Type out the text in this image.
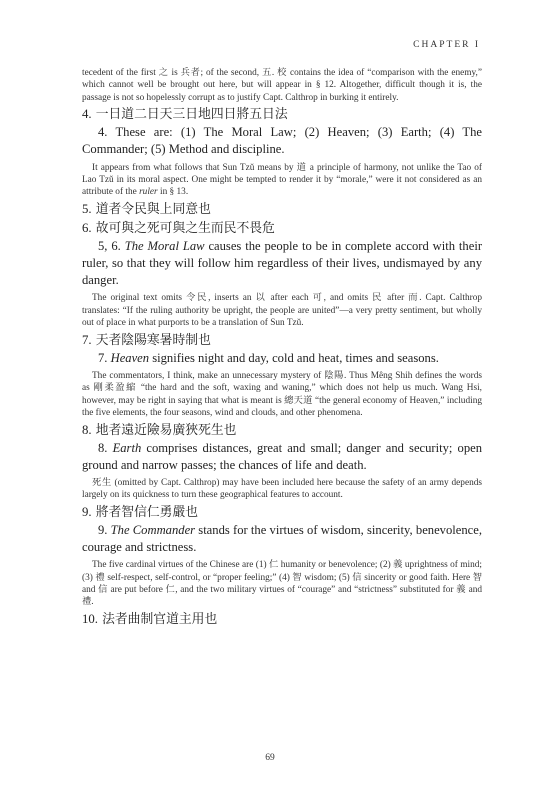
CHAPTER I

tecedent of the first 之 is 兵者; of the second, 五. 校 contains the idea of “comparison with the enemy,” which cannot well be brought out here, but will appear in § 12. Altogether, difficult though it is, the passage is not so hopelessly corrupt as to justify Capt. Calthrop in burking it entirely.

4. 一日道二日天三日地四日將五日法

4. These are: (1) The Moral Law; (2) Heaven; (3) Earth; (4) The Commander; (5) Method and discipline.

It appears from what follows that Sun Tzŭ means by 道 a principle of harmony, not unlike the Tao of Lao Tzŭ in its moral aspect. One might be tempted to render it by “morale,” were it not considered as an attribute of the ruler in § 13.

5. 道者令民與上同意也
6. 故可與之死可與之生而民不畏危

5, 6. The Moral Law causes the people to be in complete accord with their ruler, so that they will follow him regardless of their lives, undismayed by any danger.

The original text omits 令民, inserts an 以 after each 可, and omits 民 after 而. Capt. Calthrop translates: “If the ruling authority be upright, the people are united”—a very pretty sentiment, but wholly out of place in what purports to be a translation of Sun Tzŭ.

7. 天者陰陽寒暑時制也

7. Heaven signifies night and day, cold and heat, times and seasons.

The commentators, I think, make an unnecessary mystery of 陰陽. Thus Mêng Shih defines the words as 剛柔盈縮 “the hard and the soft, waxing and waning,” which does not help us much. Wang Hsi, however, may be right in saying that what is meant is 總天道 “the general economy of Heaven,” including the five elements, the four seasons, wind and clouds, and other phenomena.

8. 地者遠近險易廣狹死生也

8. Earth comprises distances, great and small; danger and security; open ground and narrow passes; the chances of life and death.

死生 (omitted by Capt. Calthrop) may have been included here because the safety of an army depends largely on its quickness to turn these geographical features to account.

9. 將者智信仁勇嚴也

9. The Commander stands for the virtues of wisdom, sincerity, benevolence, courage and strictness.

The five cardinal virtues of the Chinese are (1) 仁 humanity or benevolence; (2) 義 uprightness of mind; (3) 禮 self-respect, self-control, or “proper feeling;” (4) 智 wisdom; (5) 信 sincerity or good faith. Here 智 and 信 are put before 仁, and the two military virtues of “courage” and “strictness” substituted for 義 and 禮.

10. 法者曲制官道主用也
69
